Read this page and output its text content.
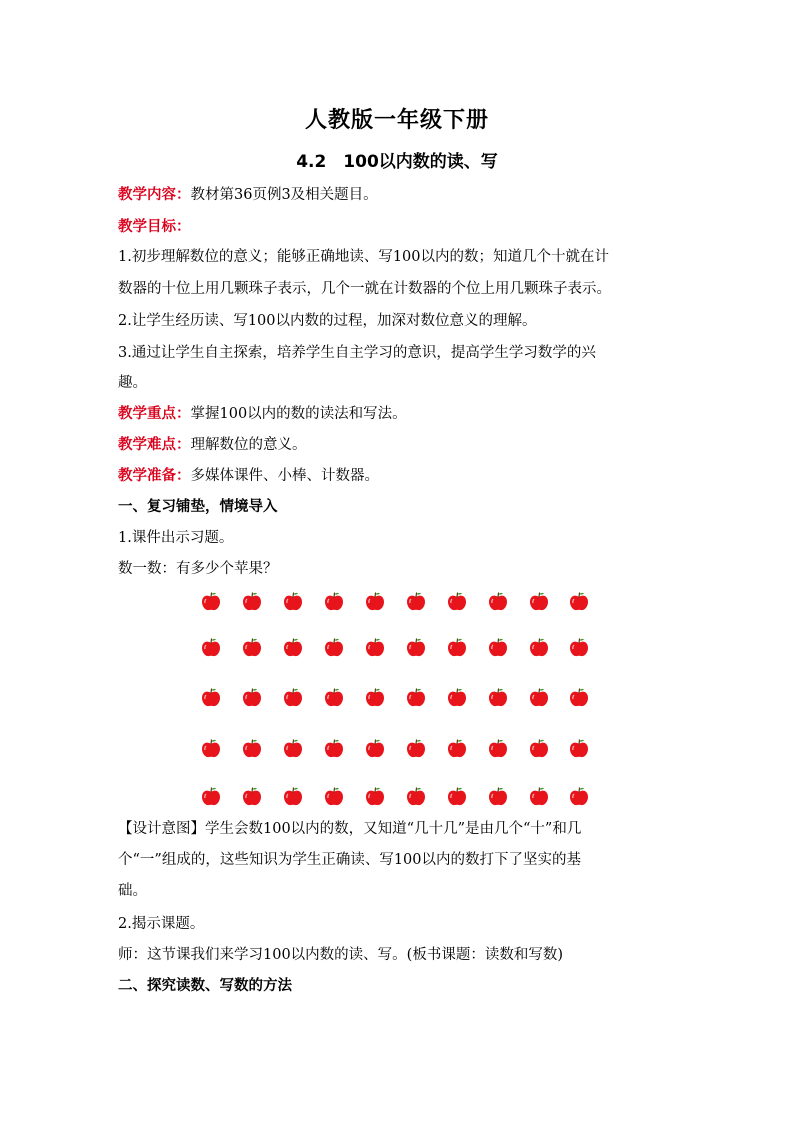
人教版一年级下册
4.2　100以内数的读、写
教学内容：教材第36页例3及相关题目。
教学目标：
1.初步理解数位的意义；能够正确地读、写100以内的数；知道几个十就在计
数器的十位上用几颗珠子表示，几个一就在计数器的个位上用几颗珠子表示。
2.让学生经历读、写100以内数的过程，加深对数位意义的理解。
3.通过让学生自主探索，培养学生自主学习的意识，提高学生学习数学的兴
趣。
教学重点：掌握100以内的数的读法和写法。
教学难点：理解数位的意义。
教学准备：多媒体课件、小棒、计数器。
一、复习铺垫，情境导入
1.课件出示习题。
数一数：有多少个苹果？
【设计意图】学生会数100以内的数，又知道“几十几”是由几个“十”和几
个“一”组成的，这些知识为学生正确读、写100以内的数打下了坚实的基
础。
2.揭示课题。
师：这节课我们来学习100以内数的读、写。(板书课题：读数和写数)
二、探究读数、写数的方法
